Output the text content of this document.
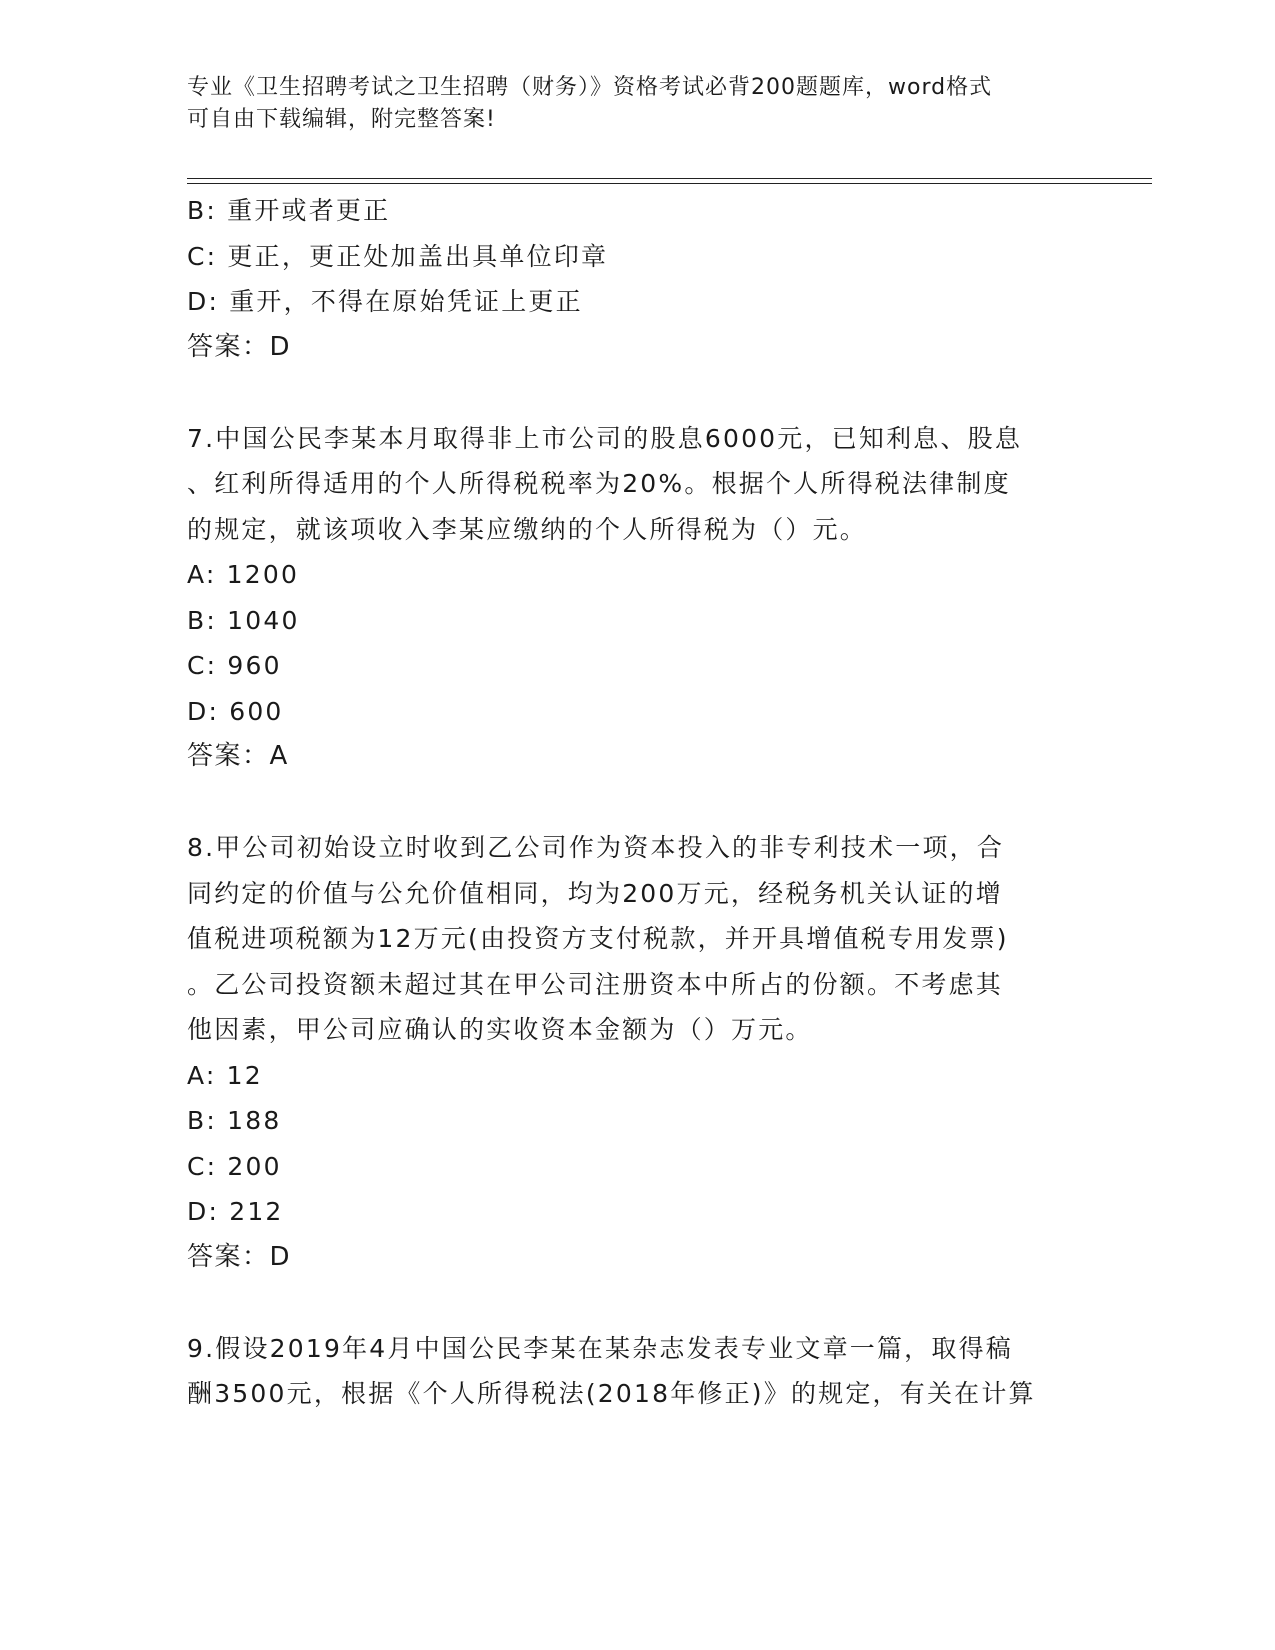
专业《卫生招聘考试之卫生招聘（财务）》资格考试必背200题题库，word格式
可自由下载编辑，附完整答案!
B: 重开或者更正
C: 更正，更正处加盖出具单位印章
D: 重开，不得在原始凭证上更正
答案：D
7.中国公民李某本月取得非上市公司的股息6000元，已知利息、股息
、红利所得适用的个人所得税税率为20%。根据个人所得税法律制度
的规定，就该项收入李某应缴纳的个人所得税为（）元。
A: 1200
B: 1040
C: 960
D: 600
答案：A
8.甲公司初始设立时收到乙公司作为资本投入的非专利技术一项，合
同约定的价值与公允价值相同，均为200万元，经税务机关认证的增
值税进项税额为12万元(由投资方支付税款，并开具增值税专用发票)
。乙公司投资额未超过其在甲公司注册资本中所占的份额。不考虑其
他因素，甲公司应确认的实收资本金额为（）万元。
A: 12
B: 188
C: 200
D: 212
答案：D
9.假设2019年4月中国公民李某在某杂志发表专业文章一篇，取得稿
酬3500元，根据《个人所得税法(2018年修正)》的规定，有关在计算
